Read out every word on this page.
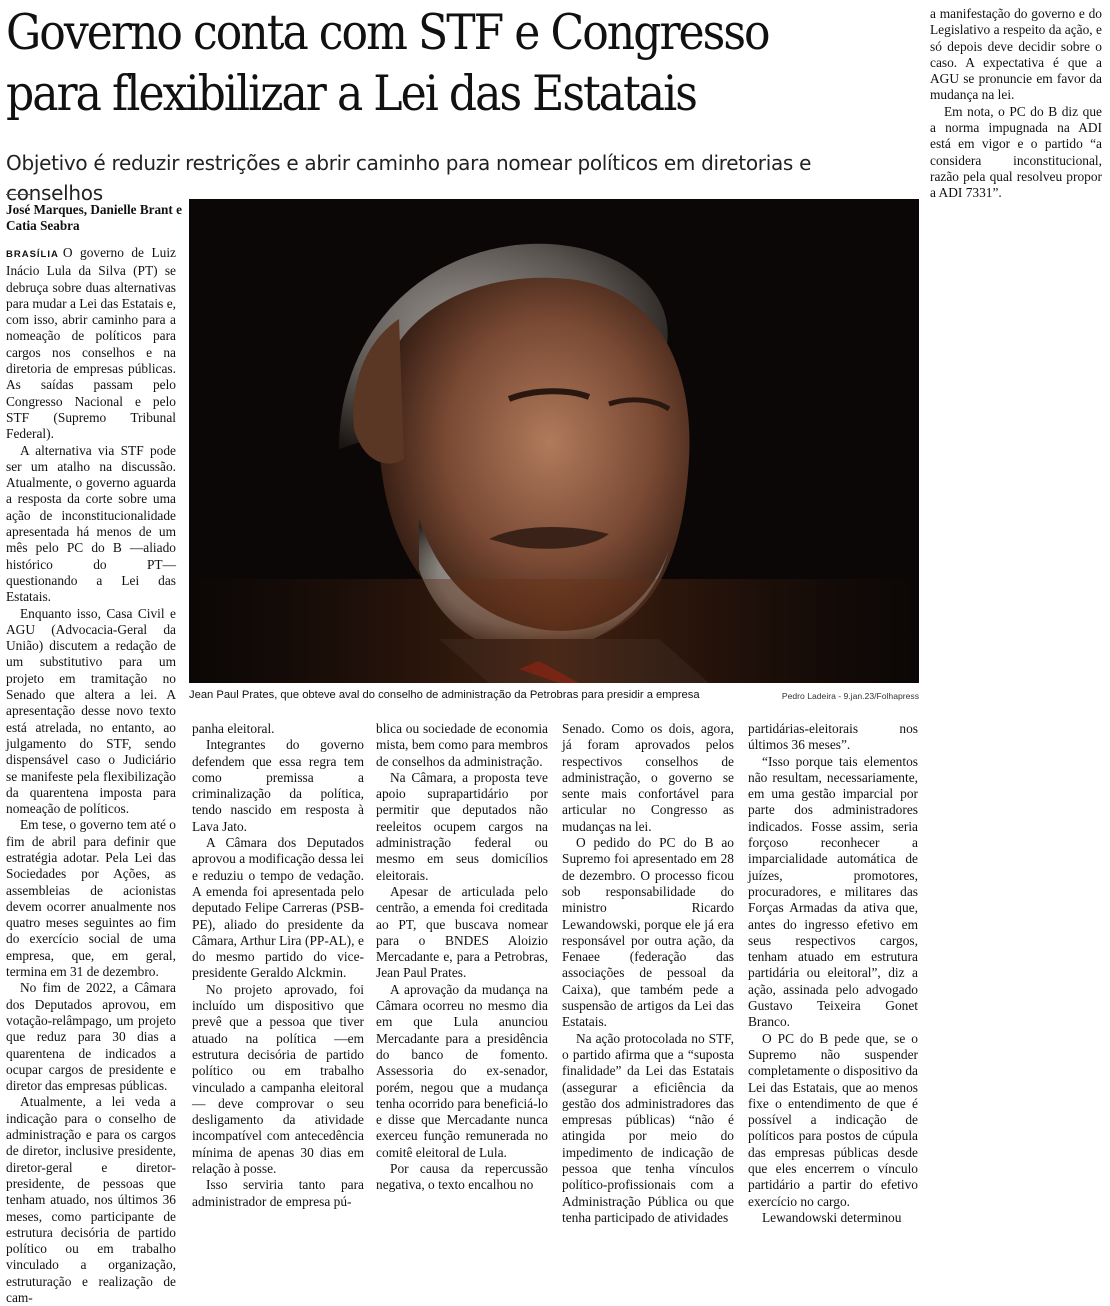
Governo conta com STF e Congresso para flexibilizar a Lei das Estatais
Objetivo é reduzir restrições e abrir caminho para nomear políticos em diretorias e conselhos
José Marques, Danielle Brant e Catia Seabra
Jean Paul Prates, que obteve aval do conselho de administração da Petrobras para presidir a empresa	Pedro Ladeira - 9.jan.23/Folhapress

BRASÍLIA O governo de Luiz Inácio Lula da Silva (PT) se debruça sobre duas alternativas para mudar a Lei das Estatais e, com isso, abrir caminho para a nomeação de políticos para cargos nos conselhos e na diretoria de empresas públicas. As saídas passam pelo Congresso Nacional e pelo STF (Supremo Tribunal Federal).

A alternativa via STF pode ser um atalho na discussão. Atualmente, o governo aguarda a resposta da corte sobre uma ação de inconstitucionalidade apresentada há menos de um mês pelo PC do B —aliado histórico do PT— questionando a Lei das Estatais.

Enquanto isso, Casa Civil e AGU (Advocacia-Geral da União) discutem a redação de um substitutivo para um projeto em tramitação no Senado que altera a lei. A apresentação desse novo texto está atrelada, no entanto, ao julgamento do STF, sendo dispensável caso o Judiciário se manifeste pela flexibilização da quarentena imposta para nomeação de políticos.

Em tese, o governo tem até o fim de abril para definir que estratégia adotar. Pela Lei das Sociedades por Ações, as assembleias de acionistas devem ocorrer anualmente nos quatro meses seguintes ao fim do exercício social de uma empresa, que, em geral, termina em 31 de dezembro.

No fim de 2022, a Câmara dos Deputados aprovou, em votação-relâmpago, um projeto que reduz para 30 dias a quarentena de indicados a ocupar cargos de presidente e diretor das empresas públicas.

Atualmente, a lei veda a indicação para o conselho de administração e para os cargos de diretor, inclusive presidente, diretor-geral e diretor-presidente, de pessoas que tenham atuado, nos últimos 36 meses, como participante de estrutura decisória de partido político ou em trabalho vinculado a organização, estruturação e realização de cam-

panha eleitoral.

Integrantes do governo defendem que essa regra tem como premissa a criminalização da política, tendo nascido em resposta à Lava Jato.

A Câmara dos Deputados aprovou a modificação dessa lei e reduziu o tempo de vedação. A emenda foi apresentada pelo deputado Felipe Carreras (PSB-PE), aliado do presidente da Câmara, Arthur Lira (PP-AL), e do mesmo partido do vice-presidente Geraldo Alckmin.

No projeto aprovado, foi incluído um dispositivo que prevê que a pessoa que tiver atuado na política —em estrutura decisória de partido político ou em trabalho vinculado a campanha eleitoral— deve comprovar o seu desligamento da atividade incompatível com antecedência mínima de apenas 30 dias em relação à posse.

Isso serviria tanto para administrador de empresa pú-

blica ou sociedade de economia mista, bem como para membros de conselhos da administração.

Na Câmara, a proposta teve apoio suprapartidário por permitir que deputados não reeleitos ocupem cargos na administração federal ou mesmo em seus domicílios eleitorais.

Apesar de articulada pelo centrão, a emenda foi creditada ao PT, que buscava nomear para o BNDES Aloizio Mercadante e, para a Petrobras, Jean Paul Prates.

A aprovação da mudança na Câmara ocorreu no mesmo dia em que Lula anunciou Mercadante para a presidência do banco de fomento. Assessoria do ex-senador, porém, negou que a mudança tenha ocorrido para beneficiá-lo e disse que Mercadante nunca exerceu função remunerada no comitê eleitoral de Lula.

Por causa da repercussão negativa, o texto encalhou no

Senado. Como os dois, agora, já foram aprovados pelos respectivos conselhos de administração, o governo se sente mais confortável para articular no Congresso as mudanças na lei.

O pedido do PC do B ao Supremo foi apresentado em 28 de dezembro. O processo ficou sob responsabilidade do ministro Ricardo Lewandowski, porque ele já era responsável por outra ação, da Fenaee (federação das associações de pessoal da Caixa), que também pede a suspensão de artigos da Lei das Estatais.

Na ação protocolada no STF, o partido afirma que a “suposta finalidade” da Lei das Estatais (assegurar a eficiência da gestão dos administradores das empresas públicas) “não é atingida por meio do impedimento de indicação de pessoa que tenha vínculos político-profissionais com a Administração Pública ou que tenha participado de atividades

partidárias-eleitorais nos últimos 36 meses”.

“Isso porque tais elementos não resultam, necessariamente, em uma gestão imparcial por parte dos administradores indicados. Fosse assim, seria forçoso reconhecer a imparcialidade automática de juízes, promotores, procuradores, e militares das Forças Armadas da ativa que, antes do ingresso efetivo em seus respectivos cargos, tenham atuado em estrutura partidária ou eleitoral”, diz a ação, assinada pelo advogado Gustavo Teixeira Gonet Branco.

O PC do B pede que, se o Supremo não suspender completamente o dispositivo da Lei das Estatais, que ao menos fixe o entendimento de que é possível a indicação de políticos para postos de cúpula das empresas públicas desde que eles encerrem o vínculo partidário a partir do efetivo exercício no cargo.

Lewandowski determinou

a manifestação do governo e do Legislativo a respeito da ação, e só depois deve decidir sobre o caso. A expectativa é que a AGU se pronuncie em favor da mudança na lei.

Em nota, o PC do B diz que a norma impugnada na ADI está em vigor e o partido “a considera inconstitucional, razão pela qual resolveu propor a ADI 7331”.
